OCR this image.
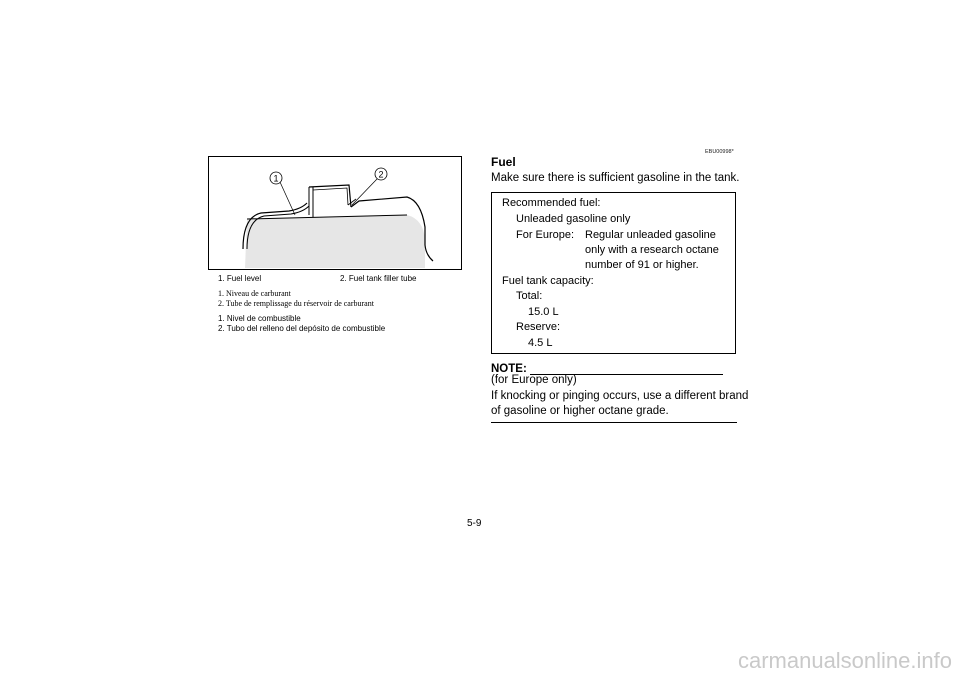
1	2
1. Fuel level	2. Fuel tank filler tube
1. Niveau de carburant
2. Tube de remplissage du réservoir de carburant
1. Nivel de combustible
2. Tubo del relleno del depósito de combustible
EBU00998*
Fuel
Make sure there is sufficient gasoline in the tank.
Recommended fuel:
Unleaded gasoline only
For Europe: Regular unleaded gasoline
only with a research octane
number of 91 or higher.
Fuel tank capacity:
Total:
15.0 L
Reserve:
4.5 L
NOTE:
(for Europe only)
If knocking or pinging occurs, use a different brand
of gasoline or higher octane grade.
5-9
carmanualsonline.info
